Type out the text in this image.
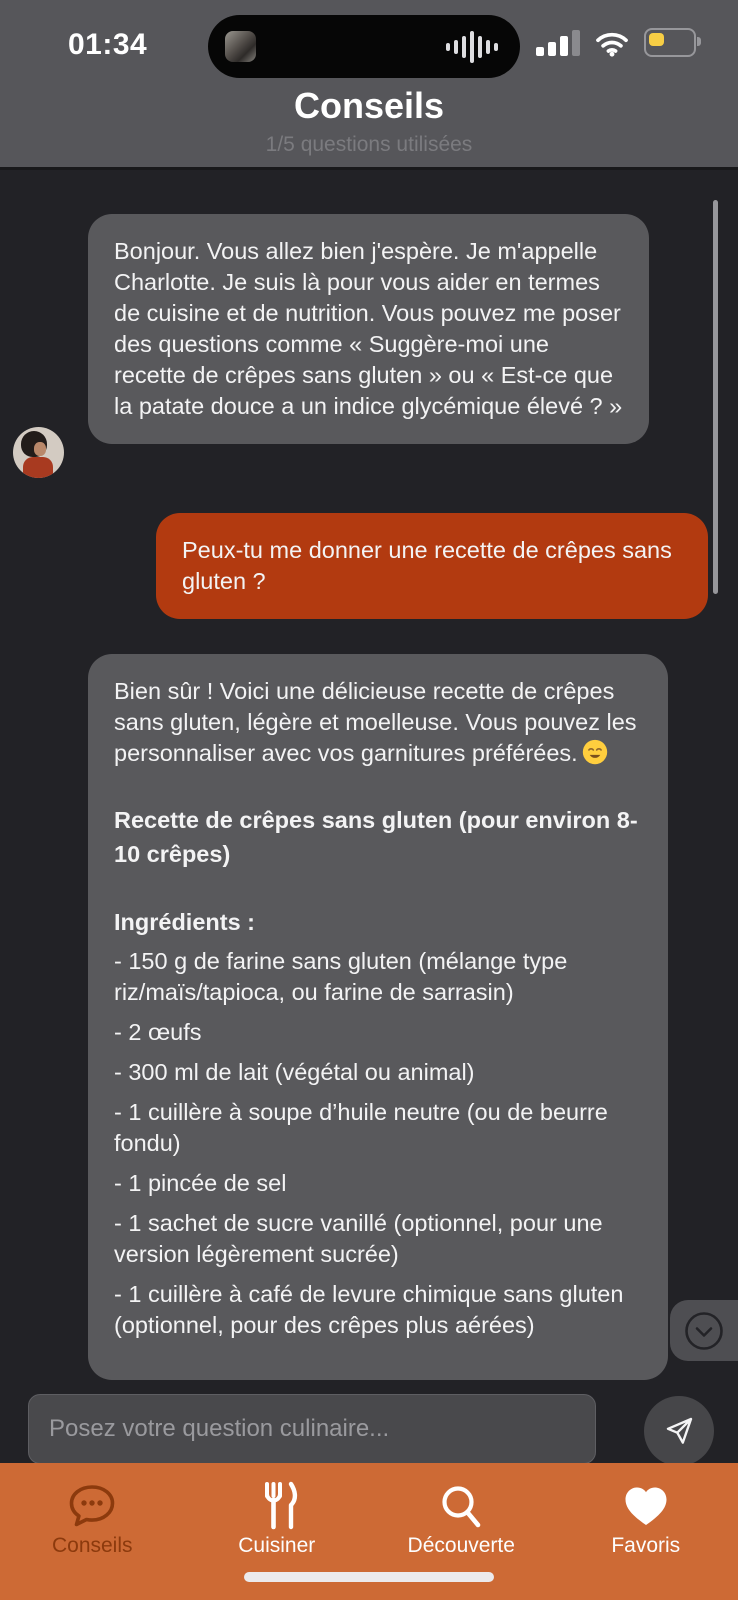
01:34
Conseils
1/5 questions utilisées
Bonjour. Vous allez bien j'espère. Je m'appelle Charlotte. Je suis là pour vous aider en termes de cuisine et de nutrition. Vous pouvez me poser des questions comme « Suggère-moi une recette de crêpes sans gluten » ou « Est-ce que la patate douce a un indice glycémique élevé ? »
Peux-tu me donner une recette de crêpes sans gluten ?

Bien sûr ! Voici une délicieuse recette de crêpes sans gluten, légère et moelleuse. Vous pouvez les personnaliser avec vos garnitures préférées.

Recette de crêpes sans gluten (pour environ 8-10 crêpes)

Ingrédients :

- 150 g de farine sans gluten (mélange type riz/maïs/tapioca, ou farine de sarrasin)
- 2 œufs
- 300 ml de lait (végétal ou animal)
- 1 cuillère à soupe d’huile neutre (ou de beurre fondu)
- 1 pincée de sel
- 1 sachet de sucre vanillé (optionnel, pour une version légèrement sucrée)
- 1 cuillère à café de levure chimique sans gluten (optionnel, pour des crêpes plus aérées)
Posez votre question culinaire...
Conseils	Cuisiner	Découverte	Favoris
